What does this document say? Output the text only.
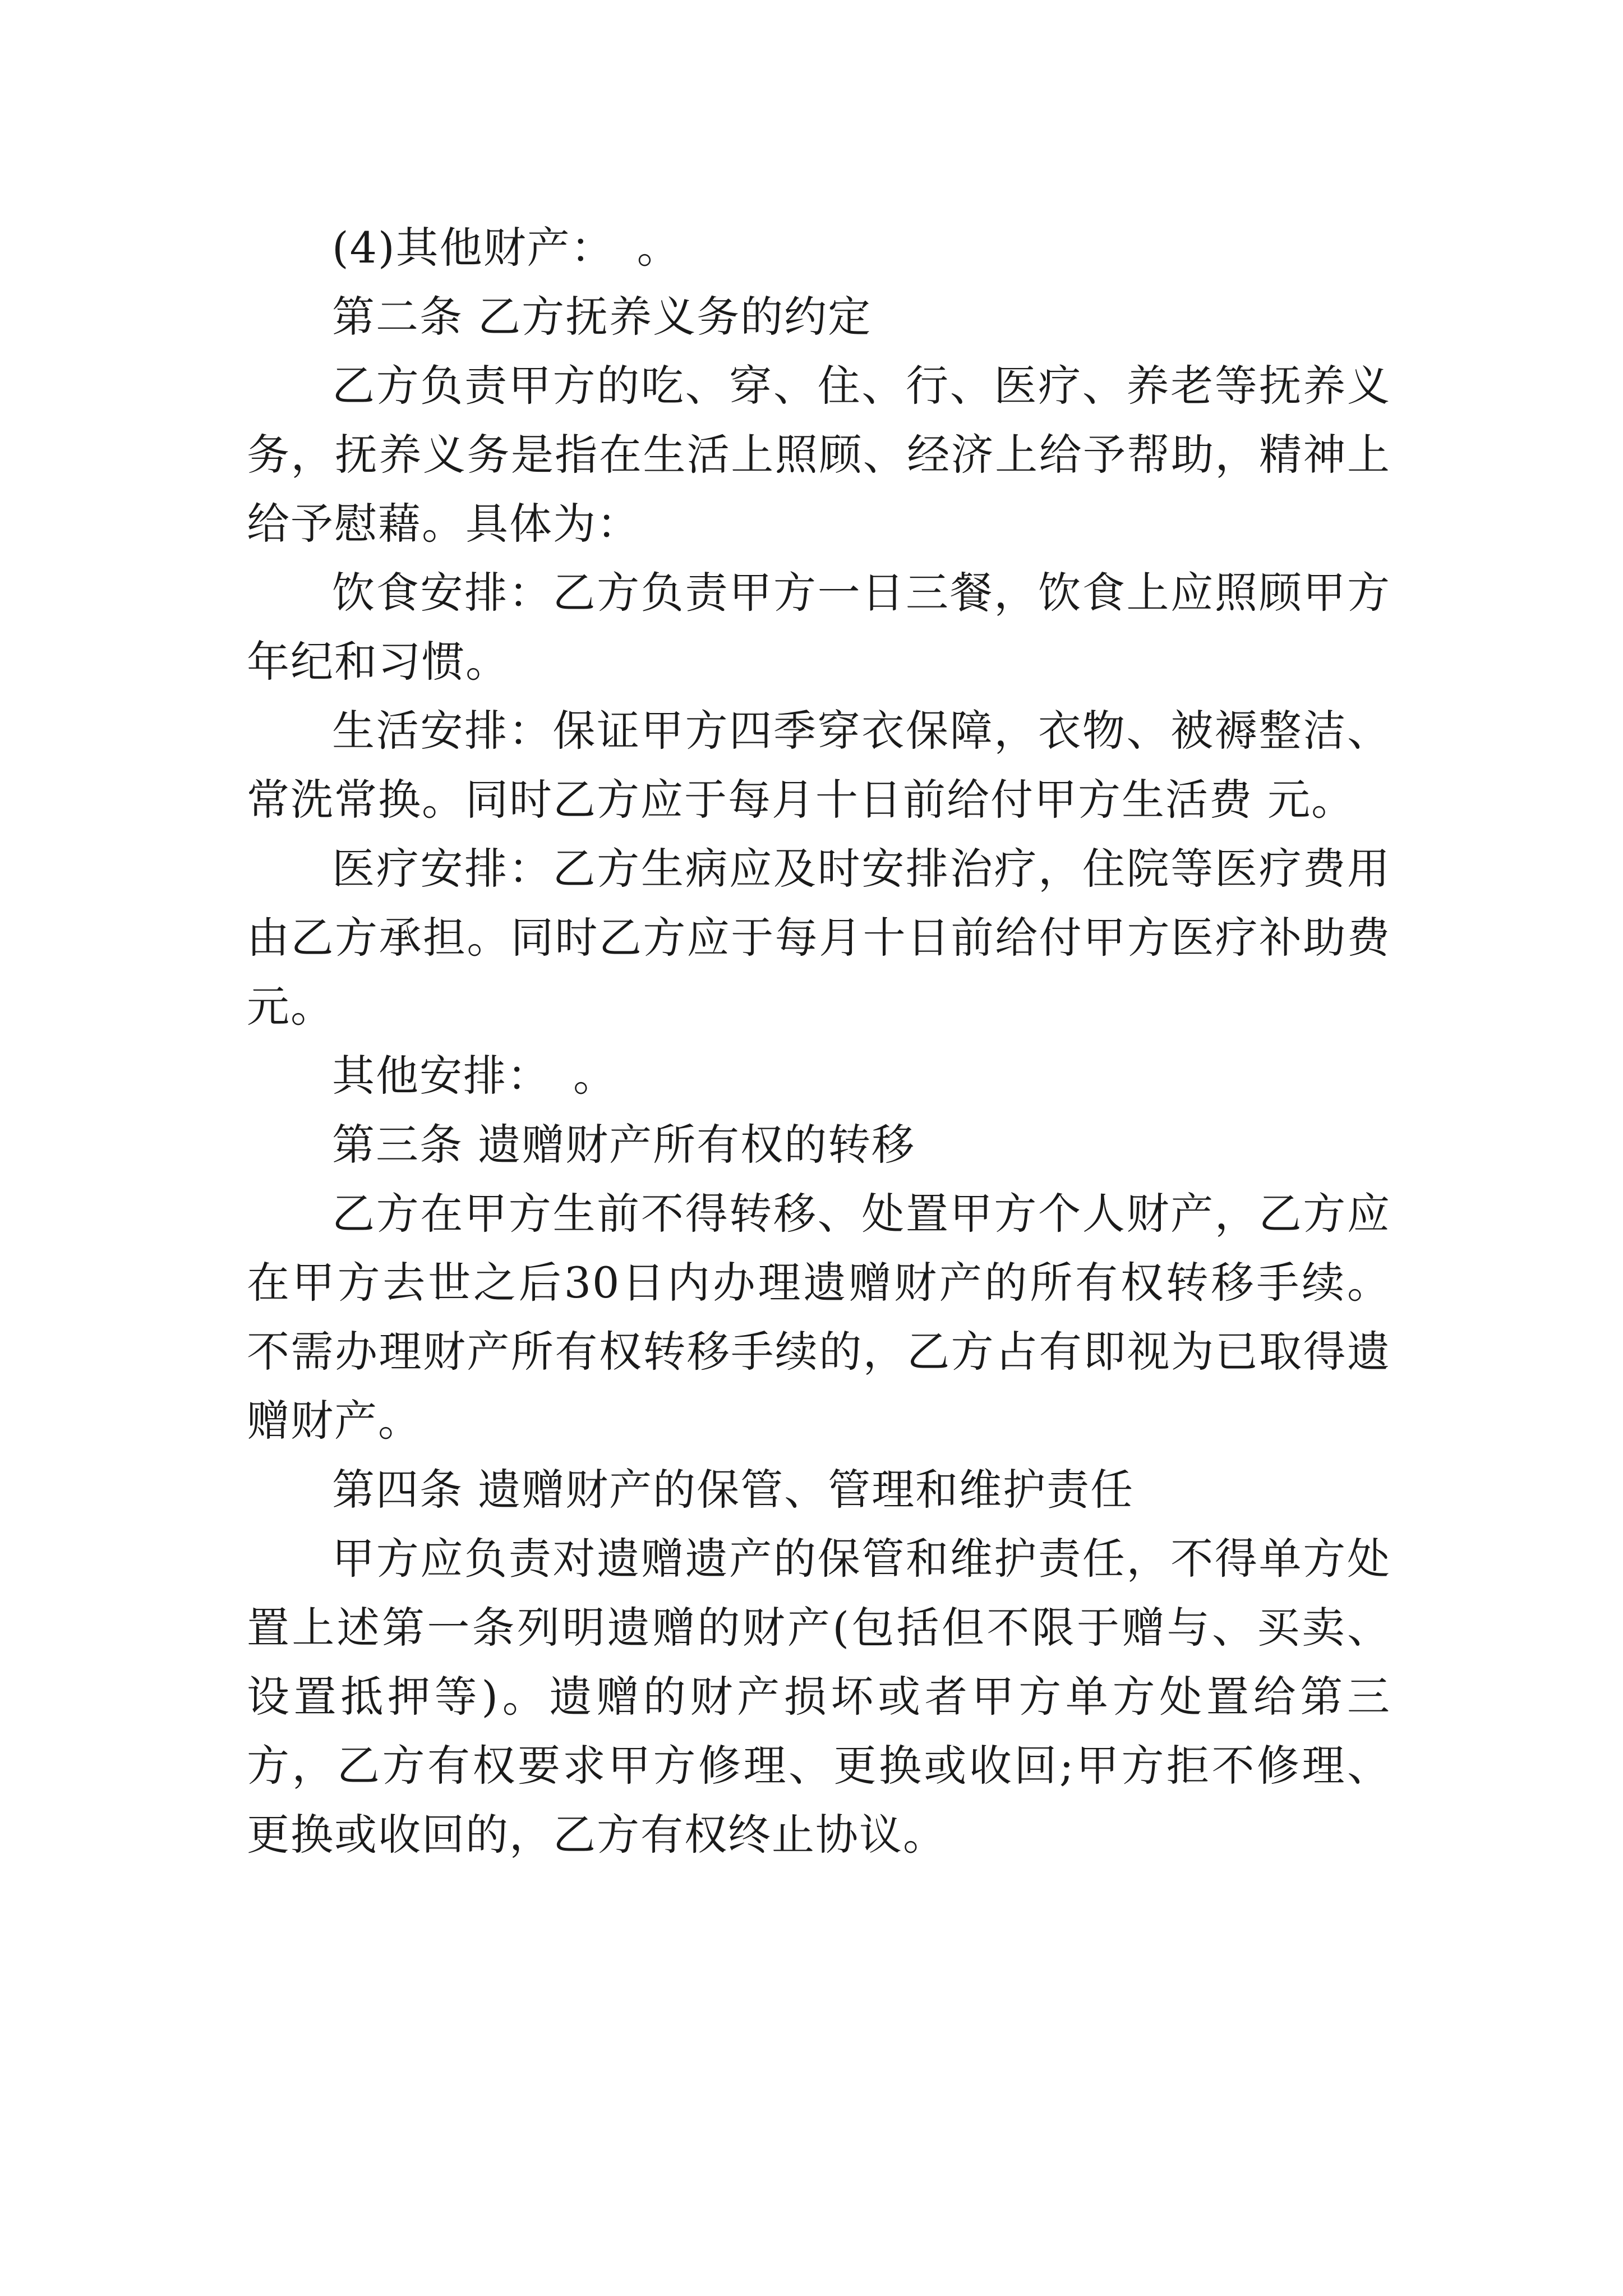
(4)其他财产：　。

第二条 乙方抚养义务的约定

乙方负责甲方的吃、穿、住、行、医疗、养老等抚养义务，抚养义务是指在生活上照顾、经济上给予帮助，精神上给予慰藉。具体为：

饮食安排：乙方负责甲方一日三餐，饮食上应照顾甲方年纪和习惯。

生活安排：保证甲方四季穿衣保障，衣物、被褥整洁、常洗常换。同时乙方应于每月十日前给付甲方生活费 元。

医疗安排：乙方生病应及时安排治疗，住院等医疗费用由乙方承担。同时乙方应于每月十日前给付甲方医疗补助费 元。

其他安排：　。

第三条 遗赠财产所有权的转移

乙方在甲方生前不得转移、处置甲方个人财产，乙方应在甲方去世之后30日内办理遗赠财产的所有权转移手续。不需办理财产所有权转移手续的，乙方占有即视为已取得遗赠财产。

第四条 遗赠财产的保管、管理和维护责任

甲方应负责对遗赠遗产的保管和维护责任，不得单方处置上述第一条列明遗赠的财产(包括但不限于赠与、买卖、设置抵押等)。遗赠的财产损坏或者甲方单方处置给第三方，乙方有权要求甲方修理、更换或收回;甲方拒不修理、更换或收回的，乙方有权终止协议。
